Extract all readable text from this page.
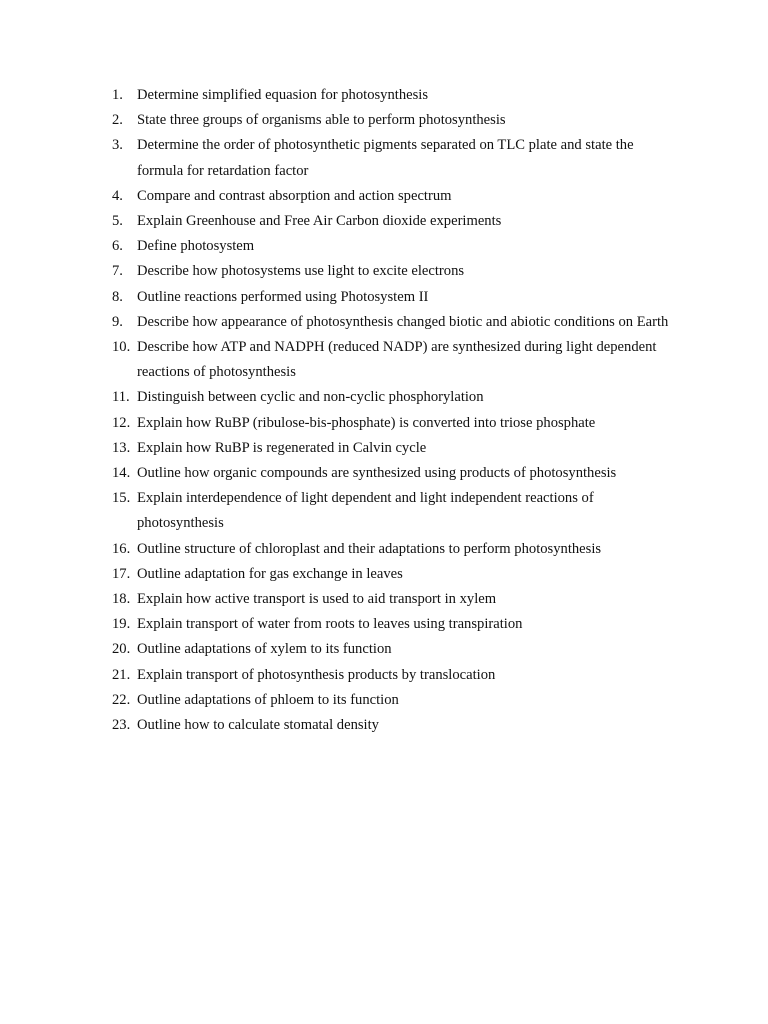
1. Determine simplified equasion for photosynthesis
2. State three groups of organisms able to perform photosynthesis
3. Determine the order of photosynthetic pigments separated on TLC plate and state the formula for retardation factor
4. Compare and contrast absorption and action spectrum
5. Explain Greenhouse and Free Air Carbon dioxide experiments
6. Define photosystem
7. Describe how photosystems use light to excite electrons
8. Outline reactions performed using Photosystem II
9. Describe how appearance of photosynthesis changed biotic and abiotic conditions on Earth
10. Describe how ATP and NADPH (reduced NADP) are synthesized during light dependent reactions of photosynthesis
11. Distinguish between cyclic and non-cyclic phosphorylation
12. Explain how RuBP (ribulose-bis-phosphate) is converted into triose phosphate
13. Explain how RuBP is regenerated in Calvin cycle
14. Outline how organic compounds are synthesized using products of photosynthesis
15. Explain interdependence of light dependent and light independent reactions of photosynthesis
16. Outline structure of chloroplast and their adaptations to perform photosynthesis
17. Outline adaptation for gas exchange in leaves
18. Explain how active transport is used to aid transport in xylem
19. Explain transport of water from roots to leaves using transpiration
20. Outline adaptations of xylem to its function
21. Explain transport of photosynthesis products by translocation
22. Outline adaptations of phloem to its function
23. Outline how to calculate stomatal density
